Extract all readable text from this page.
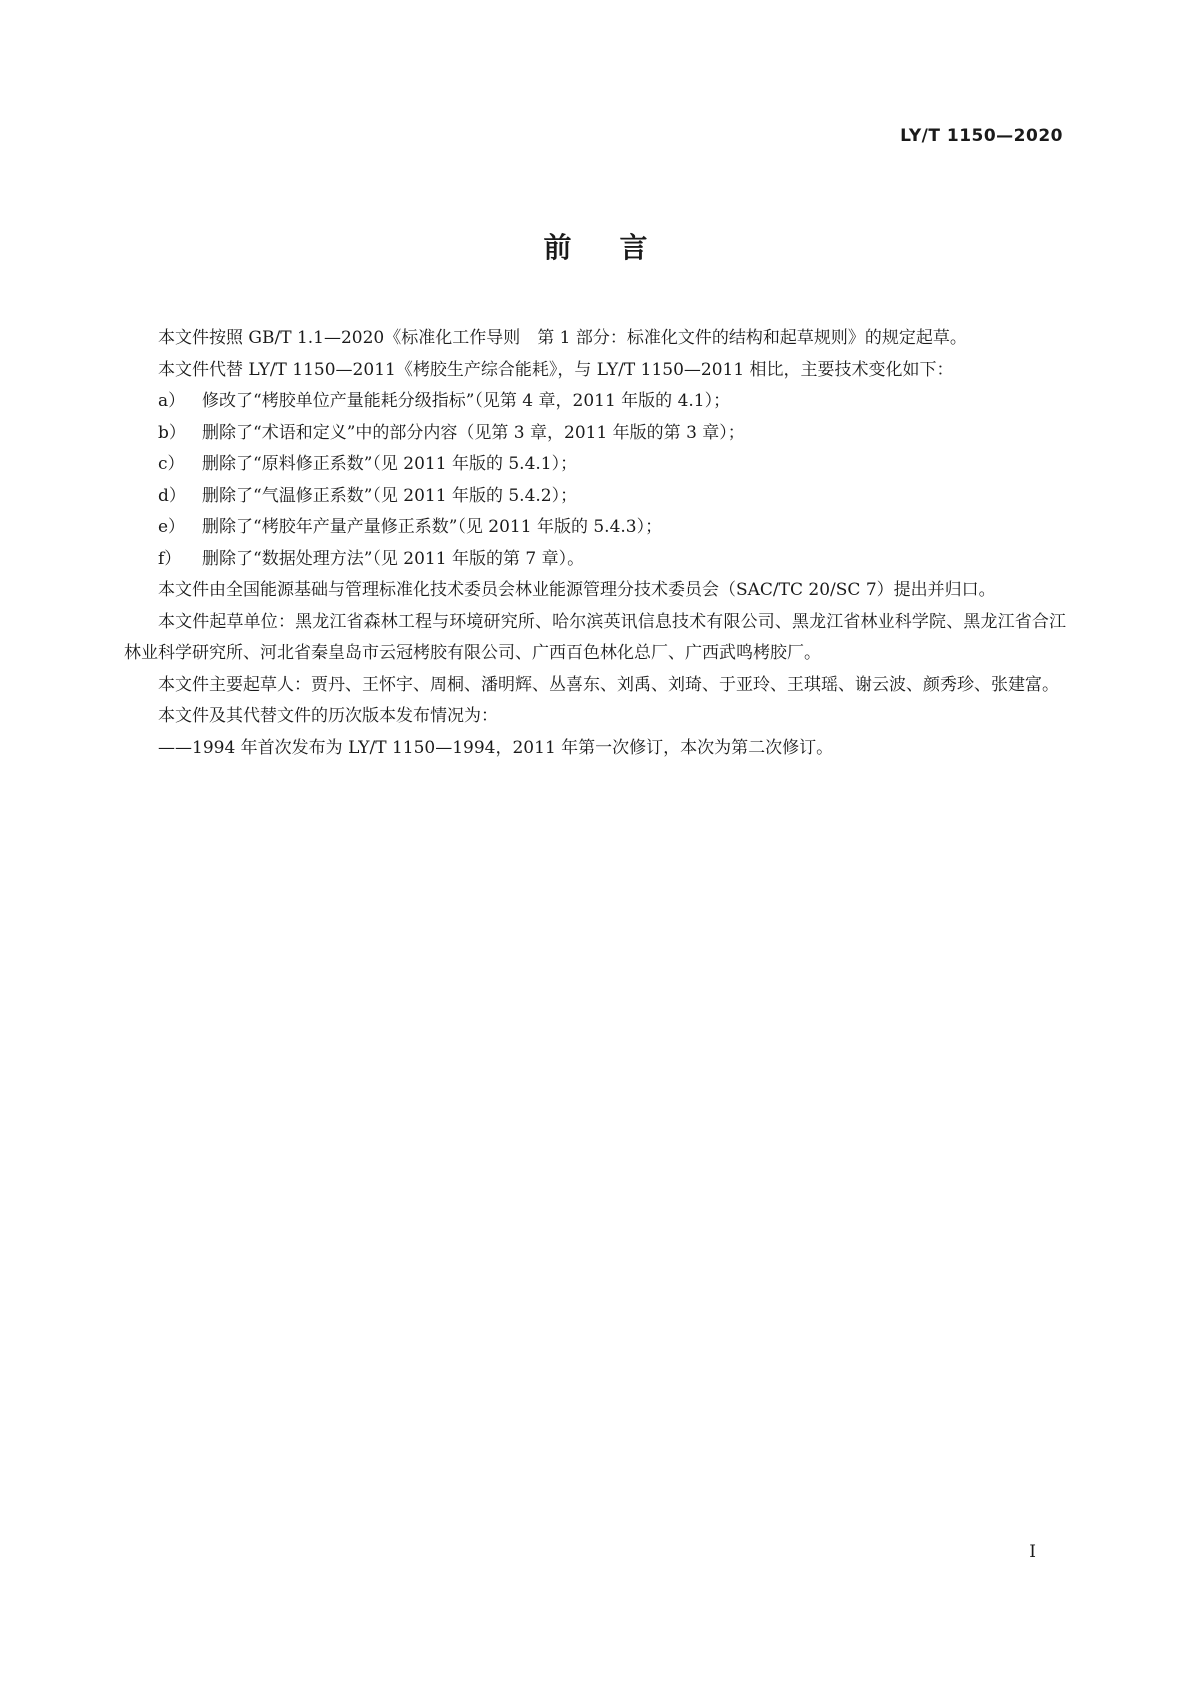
LY/T 1150—2020

前言

本文件按照 GB/T 1.1—2020《标准化工作导则　第 1 部分：标准化文件的结构和起草规则》的规定起草。

本文件代替 LY/T 1150—2011《栲胶生产综合能耗》，与 LY/T 1150—2011 相比，主要技术变化如下：

a） 修改了“栲胶单位产量能耗分级指标”（见第 4 章，2011 年版的 4.1）；

b） 删除了“术语和定义”中的部分内容（见第 3 章，2011 年版的第 3 章）；

c） 删除了“原料修正系数”（见 2011 年版的 5.4.1）；

d） 删除了“气温修正系数”（见 2011 年版的 5.4.2）；

e） 删除了“栲胶年产量产量修正系数”（见 2011 年版的 5.4.3）；

f） 删除了“数据处理方法”（见 2011 年版的第 7 章）。

本文件由全国能源基础与管理标准化技术委员会林业能源管理分技术委员会（SAC/TC 20/SC 7）提出并归口。

本文件起草单位：黑龙江省森林工程与环境研究所、哈尔滨英讯信息技术有限公司、黑龙江省林业科学院、黑龙江省合江林业科学研究所、河北省秦皇岛市云冠栲胶有限公司、广西百色林化总厂、广西武鸣栲胶厂。

本文件主要起草人：贾丹、王怀宇、周桐、潘明辉、丛喜东、刘禹、刘琦、于亚玲、王琪瑶、谢云波、颜秀珍、张建富。

本文件及其代替文件的历次版本发布情况为：

——1994 年首次发布为 LY/T 1150—1994，2011 年第一次修订，本次为第二次修订。

I
